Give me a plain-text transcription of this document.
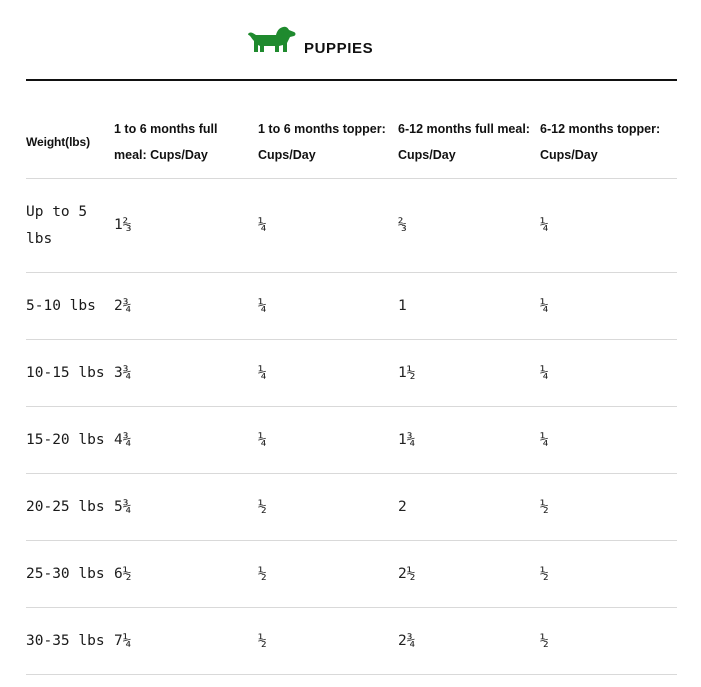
PUPPIES
Weight(lbs)	1 to 6 months full meal: Cups/Day	1 to 6 months topper: Cups/Day	6-12 months full meal: Cups/Day	6-12 months topper: Cups/Day

Up to 5 lbs	1⅔	¼	⅔	¼
5-10 lbs	2¾	¼	1	¼
10-15 lbs	3¾	¼	1½	¼
15-20 lbs	4¾	¼	1¾	¼
20-25 lbs	5¾	½	2	½
25-30 lbs	6½	½	2½	½
30-35 lbs	7¼	½	2¾	½
